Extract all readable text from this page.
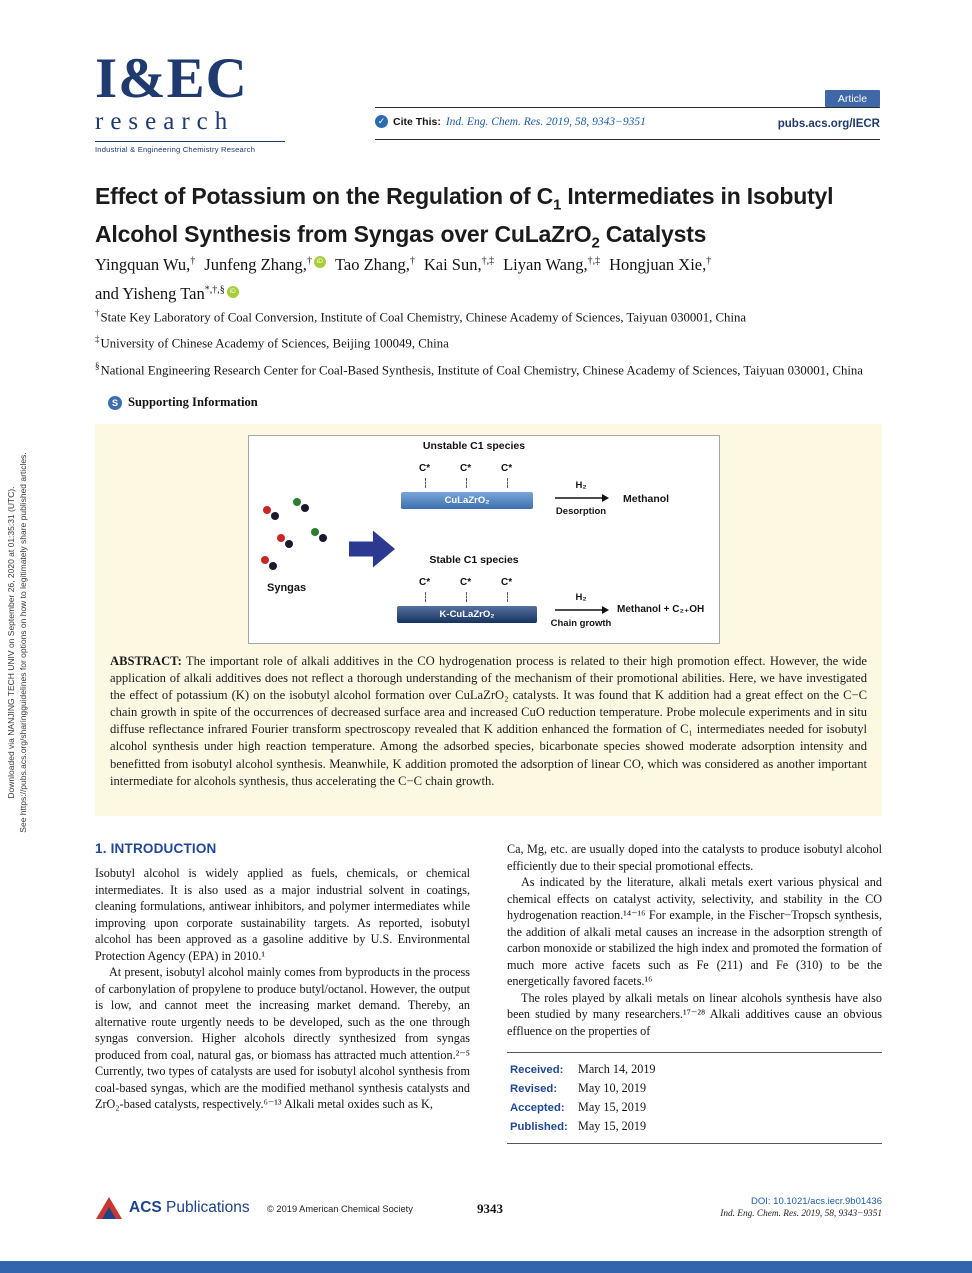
Downloaded via NANJING TECH UNIV on September 26, 2020 at 01:35:31 (UTC). See https://pubs.acs.org/sharingguidelines for options on how to legitimately share published articles.
I&EC
research
Industrial & Engineering Chemistry Research
✓ Cite This: Ind. Eng. Chem. Res. 2019, 58, 9343−9351
Article
pubs.acs.org/IECR
Effect of Potassium on the Regulation of $C_1$ Intermediates in Isobutyl Alcohol Synthesis from Syngas over CuLaZrO$_2$ Catalysts
Yingquan Wu,† Junfeng Zhang,† iD Tao Zhang,† Kai Sun,†,‡ Liyan Wang,†,‡ Hongjuan Xie,†
and Yisheng Tan*,†,§ iD
†State Key Laboratory of Coal Conversion, Institute of Coal Chemistry, Chinese Academy of Sciences, Taiyuan 030001, China
‡University of Chinese Academy of Sciences, Beijing 100049, China
§National Engineering Research Center for Coal-Based Synthesis, Institute of Coal Chemistry, Chinese Academy of Sciences, Taiyuan 030001, China
S Supporting Information
Unstable C1 species
C*	C*	C*
CuLaZrO₂
H₂
Desorption
Methanol
Stable C1 species
C*	C*	C*
K-CuLaZrO₂
H₂
Chain growth
Methanol + C₂₊OH
Syngas

ABSTRACT: The important role of alkali additives in the CO hydrogenation process is related to their high promotion effect. However, the wide application of alkali additives does not reflect a thorough understanding of the mechanism of their promotional abilities. Here, we have investigated the effect of potassium (K) on the isobutyl alcohol formation over CuLaZrO₂ catalysts. It was found that K addition had a great effect on the C−C chain growth in spite of the occurrences of decreased surface area and increased CuO reduction temperature. Probe molecule experiments and in situ diffuse reflectance infrared Fourier transform spectroscopy revealed that K addition enhanced the formation of C₁ intermediates needed for isobutyl alcohol synthesis under high reaction temperature. Among the adsorbed species, bicarbonate species showed moderate adsorption intensity and benefitted from isobutyl alcohol synthesis. Meanwhile, K addition promoted the adsorption of linear CO, which was considered as another important intermediate for alcohols synthesis, thus accelerating the C−C chain growth.

1. INTRODUCTION

Isobutyl alcohol is widely applied as fuels, chemicals, or chemical intermediates. It is also used as a major industrial solvent in coatings, cleaning formulations, antiwear inhibitors, and polymer intermediates while improving upon corporate sustainability targets. As reported, isobutyl alcohol has been approved as a gasoline additive by U.S. Environmental Protection Agency (EPA) in 2010.¹

At present, isobutyl alcohol mainly comes from byproducts in the process of carbonylation of propylene to produce butyl/octanol. However, the output is low, and cannot meet the increasing market demand. Thereby, an alternative route urgently needs to be developed, such as the one through syngas conversion. Higher alcohols directly synthesized from syngas produced from coal, natural gas, or biomass has attracted much attention.²⁻⁵ Currently, two types of catalysts are used for isobutyl alcohol synthesis from coal-based syngas, which are the modified methanol synthesis catalysts and ZrO₂-based catalysts, respectively.⁶⁻¹³ Alkali metal oxides such as K,

Ca, Mg, etc. are usually doped into the catalysts to produce isobutyl alcohol efficiently due to their special promotional effects.

As indicated by the literature, alkali metals exert various physical and chemical effects on catalyst activity, selectivity, and stability in the CO hydrogenation reaction.¹⁴⁻¹⁶ For example, in the Fischer−Tropsch synthesis, the addition of alkali metal causes an increase in the adsorption strength of carbon monoxide or stabilized the high index and promoted the formation of much more active facets such as Fe (211) and Fe (310) to be the energetically favored facets.¹⁶

The roles played by alkali metals on linear alcohols synthesis have also been studied by many researchers.¹⁷⁻²⁸ Alkali additives cause an obvious effluence on the properties of

Received: March 14, 2019
Revised: May 10, 2019
Accepted: May 15, 2019
Published: May 15, 2019
ACS Publications © 2019 American Chemical Society	9343	DOI: 10.1021/acs.iecr.9b01436
Ind. Eng. Chem. Res. 2019, 58, 9343−9351
